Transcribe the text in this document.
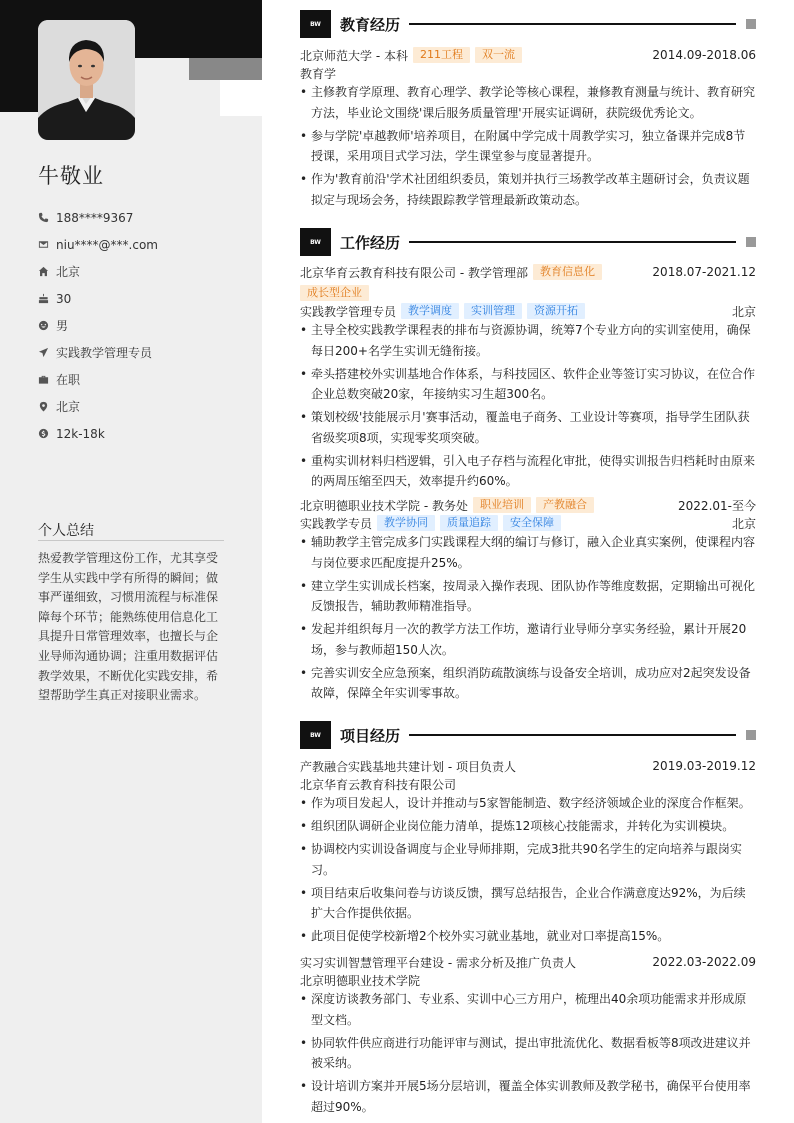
牛敬业
188****9367
niu****@***.com
北京
30
男
实践教学管理专员
在职
北京
12k-18k
个人总结
热爱教学管理这份工作，尤其享受学生从实践中学有所得的瞬间；做事严谨细致，习惯用流程与标准保障每个环节；能熟练使用信息化工具提升日常管理效率，也擅长与企业导师沟通协调；注重用数据评估教学效果，不断优化实践安排，希望帮助学生真正对接职业需求。
BW	教育经历
北京师范大学 - 本科	211工程	双一流	2014.09-2018.06
教育学
• 主修教育学原理、教育心理学、教学论等核心课程，兼修教育测量与统计、教育研究方法，毕业论文围绕'课后服务质量管理'开展实证调研，获院级优秀论文。
• 参与学院'卓越教师'培养项目，在附属中学完成十周教学实习，独立备课并完成8节授课，采用项目式学习法，学生课堂参与度显著提升。
• 作为'教育前沿'学术社团组织委员，策划并执行三场教学改革主题研讨会，负责议题拟定与现场会务，持续跟踪教学管理最新政策动态。
BW	工作经历
北京华育云教育科技有限公司 - 教学管理部	教育信息化	2018.07-2021.12
成长型企业
实践教学管理专员	教学调度	实训管理	资源开拓	北京
• 主导全校实践教学课程表的排布与资源协调，统筹7个专业方向的实训室使用，确保每日200+名学生实训无缝衔接。
• 牵头搭建校外实训基地合作体系，与科技园区、软件企业等签订实习协议，在位合作企业总数突破20家，年接纳实习生超300名。
• 策划校级'技能展示月'赛事活动，覆盖电子商务、工业设计等赛项，指导学生团队获省级奖项8项，实现零奖项突破。
• 重构实训材料归档逻辑，引入电子存档与流程化审批，使得实训报告归档耗时由原来的两周压缩至四天，效率提升约60%。
北京明德职业技术学院 - 教务处	职业培训	产教融合	2022.01-至今
实践教学专员	教学协同	质量追踪	安全保障	北京
• 辅助教学主管完成多门实践课程大纲的编订与修订，融入企业真实案例，使课程内容与岗位要求匹配度提升25%。
• 建立学生实训成长档案，按周录入操作表现、团队协作等维度数据，定期输出可视化反馈报告，辅助教师精准指导。
• 发起并组织每月一次的教学方法工作坊，邀请行业导师分享实务经验，累计开展20场，参与教师超150人次。
• 完善实训安全应急预案，组织消防疏散演练与设备安全培训，成功应对2起突发设备故障，保障全年实训零事故。
BW	项目经历
产教融合实践基地共建计划 - 项目负责人	2019.03-2019.12
北京华育云教育科技有限公司
• 作为项目发起人，设计并推动与5家智能制造、数字经济领域企业的深度合作框架。
• 组织团队调研企业岗位能力清单，提炼12项核心技能需求，并转化为实训模块。
• 协调校内实训设备调度与企业导师排期，完成3批共90名学生的定向培养与跟岗实习。
• 项目结束后收集问卷与访谈反馈，撰写总结报告，企业合作满意度达92%，为后续扩大合作提供依据。
• 此项目促使学校新增2个校外实习就业基地，就业对口率提高15%。
实习实训智慧管理平台建设 - 需求分析及推广负责人	2022.03-2022.09
北京明德职业技术学院
• 深度访谈教务部门、专业系、实训中心三方用户，梳理出40余项功能需求并形成原型文档。
• 协同软件供应商进行功能评审与测试，提出审批流优化、数据看板等8项改进建议并被采纳。
• 设计培训方案并开展5场分层培训，覆盖全体实训教师及教学秘书，确保平台使用率超过90%。
